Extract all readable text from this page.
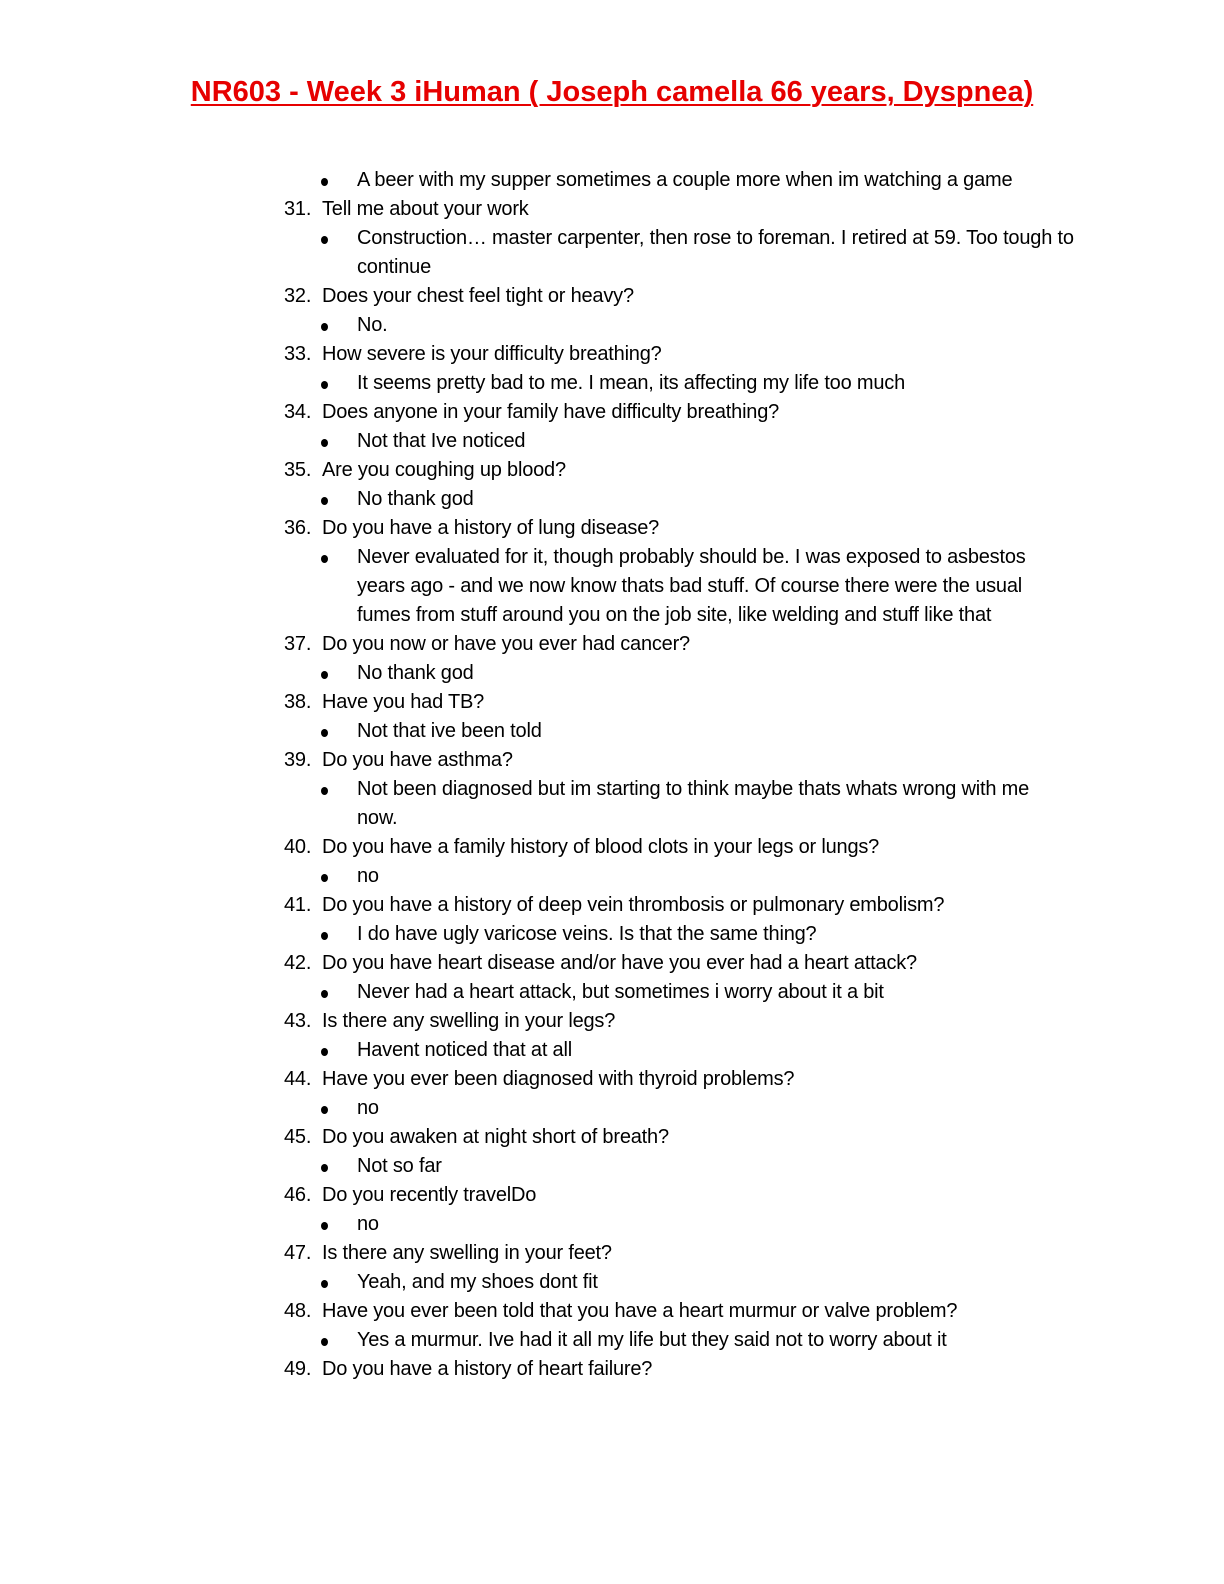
NR603 - Week 3 iHuman ( Joseph camella 66 years, Dyspnea)

A beer with my supper sometimes a couple more when im watching a game

31. Tell me about your work

Construction… master carpenter, then rose to foreman. I retired at 59. Too tough to continue

32. Does your chest feel tight or heavy?

No.

33. How severe is your difficulty breathing?

It seems pretty bad to me. I mean, its affecting my life too much

34. Does anyone in your family have difficulty breathing?

Not that Ive noticed

35. Are you coughing up blood?

No thank god

36. Do you have a history of lung disease?

Never evaluated for it, though probably should be. I was exposed to asbestos years ago - and we now know thats bad stuff. Of course there were the usual fumes from stuff around you on the job site, like welding and stuff like that

37. Do you now or have you ever had cancer?

No thank god

38. Have you had TB?

Not that ive been told

39. Do you have asthma?

Not been diagnosed but im starting to think maybe thats whats wrong with me now.

40. Do you have a family history of blood clots in your legs or lungs?

no

41. Do you have a history of deep vein thrombosis or pulmonary embolism?

I do have ugly varicose veins. Is that the same thing?

42. Do you have heart disease and/or have you ever had a heart attack?

Never had a heart attack, but sometimes i worry about it a bit

43. Is there any swelling in your legs?

Havent noticed that at all

44. Have you ever been diagnosed with thyroid problems?

no

45. Do you awaken at night short of breath?

Not so far

46. Do you recently travelDo

no

47. Is there any swelling in your feet?

Yeah, and my shoes dont fit

48. Have you ever been told that you have a heart murmur or valve problem?

Yes a murmur. Ive had it all my life but they said not to worry about it

49. Do you have a history of heart failure?
